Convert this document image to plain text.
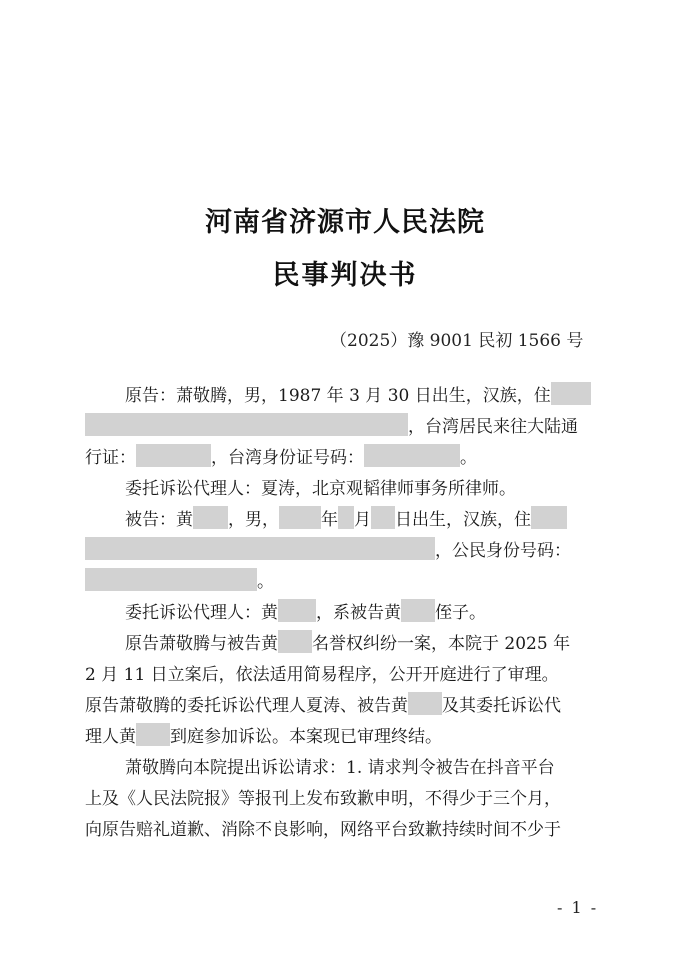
河南省济源市人民法院
民事判决书
（2025）豫 9001 民初 1566 号
原告：萧敬腾，男，1987 年 3 月 30 日出生，汉族，住
，台湾居民来往大陆通
行证：	，台湾身份证号码：	。
委托诉讼代理人：夏涛，北京观韬律师事务所律师。
被告：黄 ，男， 年 月 日出生，汉族，住
，公民身份号码：
。
委托诉讼代理人：黄 ，系被告黄 侄子。
原告萧敬腾与被告黄 名誉权纠纷一案，本院于 2025 年
2 月 11 日立案后，依法适用简易程序，公开开庭进行了审理。
原告萧敬腾的委托诉讼代理人夏涛、被告黄 及其委托诉讼代
理人黄 到庭参加诉讼。本案现已审理终结。
萧敬腾向本院提出诉讼请求：1. 请求判令被告在抖音平台
上及《人民法院报》等报刊上发布致歉申明，不得少于三个月，
向原告赔礼道歉、消除不良影响，网络平台致歉持续时间不少于
- 1 -
